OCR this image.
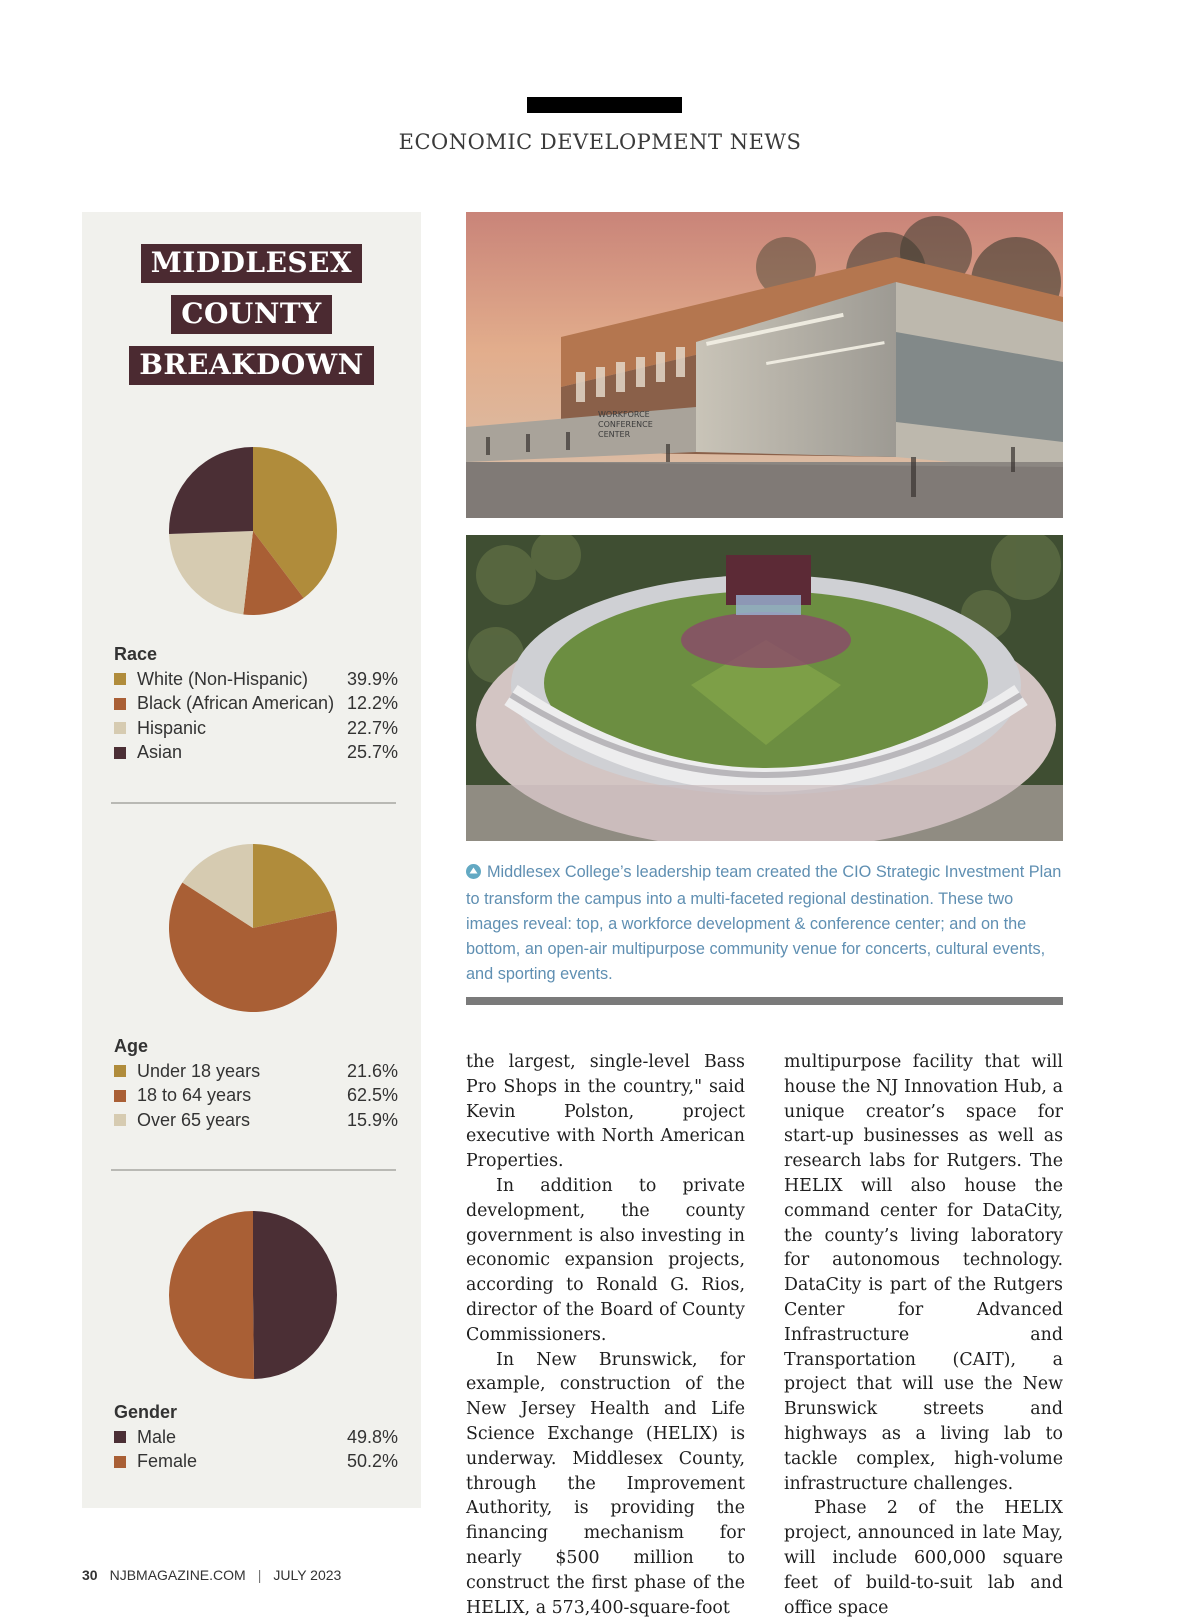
ECONOMIC DEVELOPMENT NEWS
MIDDLESEX
COUNTY
BREAKDOWN
Race
White (Non-Hispanic)	39.9%
Black (African American) 12.2%
Hispanic	22.7%
Asian	25.7%
Age
Under 18 years	21.6%
18 to 64 years	62.5%
Over 65 years	15.9%
Gender
Male	49.8%
Female	50.2%
WORKFORCE CONFERENCE CENTER
Middlesex College’s leadership team created the CIO Strategic Investment Plan to transform the campus into a multi-faceted regional destination. These two images reveal: top, a workforce development & conference center; and on the bottom, an open-air multipurpose community venue for concerts, cultural events, and sporting events.

the largest, single-level Bass Pro Shops in the country," said Kevin Polston, project executive with North American Properties.

In addition to private development, the county government is also investing in economic expansion projects, according to Ronald G. Rios, director of the Board of County Commissioners.

In New Brunswick, for example, construction of the New Jersey Health and Life Science Exchange (HELIX) is underway. Middlesex County, through the Improvement Authority, is providing the financing mechanism for nearly $500 million to construct the first phase of the HELIX, a 573,400-square-foot

multipurpose facility that will house the NJ Innovation Hub, a unique creator’s space for start-up businesses as well as research labs for Rutgers. The HELIX will also house the command center for DataCity, the county’s living laboratory for autonomous technology. DataCity is part of the Rutgers Center for Advanced Infrastructure and Transportation (CAIT), a project that will use the New Brunswick streets and highways as a living lab to tackle complex, high-volume infrastructure challenges.

Phase 2 of the HELIX project, announced in late May, will include 600,000 square feet of build-to-suit lab and office space

30 NJBMAGAZINE.COM | JULY 2023
